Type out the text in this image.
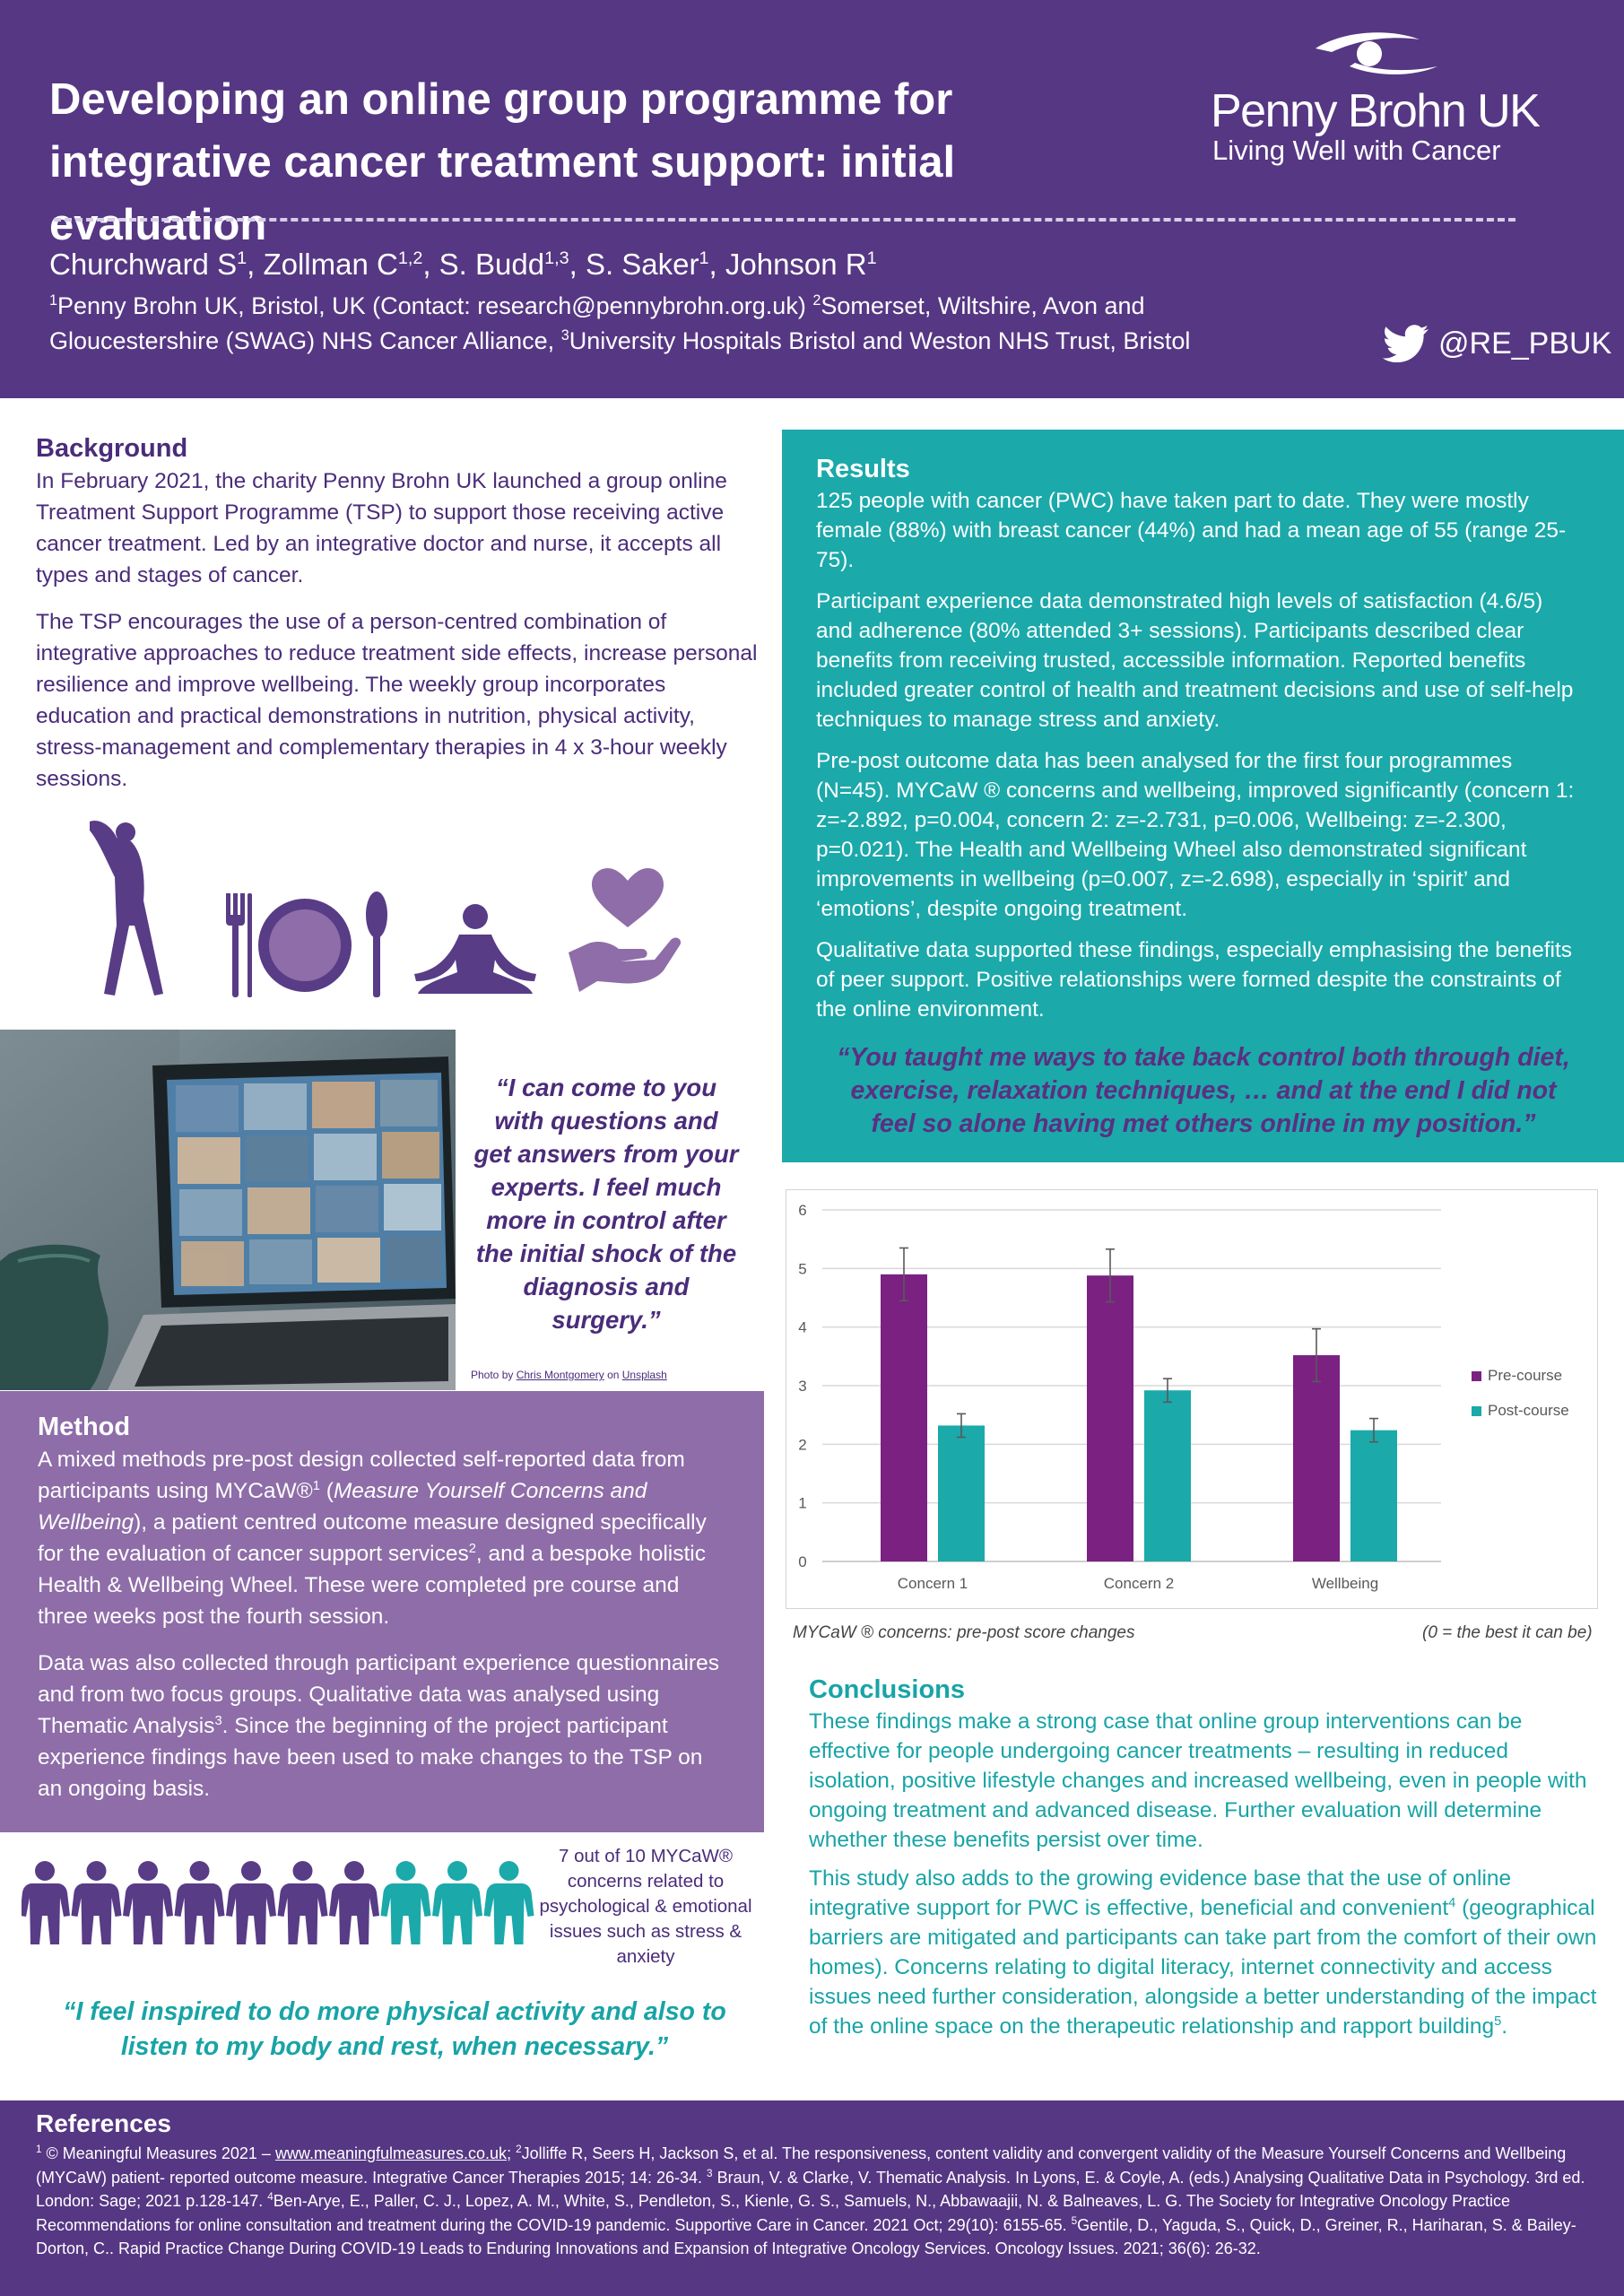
Developing an online group programme for integrative cancer treatment support: initial evaluation
Penny Brohn UK
Living Well with Cancer
Churchward $S^1$, Zollman C$^{1,2}$, S. Budd$^{1,3}$, S. Saker$^1$, Johnson $R^1$
$^1$Penny Brohn UK, Bristol, UK (Contact: research@pennybrohn.org.uk) $^2$Somerset, Wiltshire, Avon and Gloucestershire (SWAG) NHS Cancer Alliance, $^3$University Hospitals Bristol and Weston NHS Trust, Bristol	@RE_PBUK
Background

In February 2021, the charity Penny Brohn UK launched a group online Treatment Support Programme (TSP) to support those receiving active cancer treatment. Led by an integrative doctor and nurse, it accepts all types and stages of cancer.

The TSP encourages the use of a person-centred combination of integrative approaches to reduce treatment side effects, increase personal resilience and improve wellbeing. The weekly group incorporates education and practical demonstrations in nutrition, physical activity, stress-management and complementary therapies in 4 x 3-hour weekly sessions.

“I can come to you with questions and get answers from your experts. I feel much more in control after the initial shock of the diagnosis and surgery.”
Photo by Chris Montgomery on Unsplash
Method

A mixed methods pre-post design collected self-reported data from participants using MYCaW®$^1$ (Measure Yourself Concerns and Wellbeing), a patient centred outcome measure designed specifically for the evaluation of cancer support services$^2$, and a bespoke holistic Health & Wellbeing Wheel. These were completed pre course and three weeks post the fourth session.

Data was also collected through participant experience questionnaires and from two focus groups. Qualitative data was analysed using Thematic Analysis$^3$. Since the beginning of the project participant experience findings have been used to make changes to the TSP on an ongoing basis.

7 out of 10 MYCaW® concerns related to psychological & emotional issues such as stress & anxiety
“I feel inspired to do more physical activity and also to listen to my body and rest, when necessary.”
Results

125 people with cancer (PWC) have taken part to date. They were mostly female (88%) with breast cancer (44%) and had a mean age of 55 (range 25-75).

Participant experience data demonstrated high levels of satisfaction (4.6/5) and adherence (80% attended 3+ sessions). Participants described clear benefits from receiving trusted, accessible information. Reported benefits included greater control of health and treatment decisions and use of self-help techniques to manage stress and anxiety.

Pre-post outcome data has been analysed for the first four programmes (N=45). MYCaW ® concerns and wellbeing, improved significantly (concern 1: z=-2.892, p=0.004, concern 2: z=-2.731, p=0.006, Wellbeing: z=-2.300, p=0.021). The Health and Wellbeing Wheel also demonstrated significant improvements in wellbeing (p=0.007, z=-2.698), especially in ‘spirit’ and ‘emotions’, despite ongoing treatment.

Qualitative data supported these findings, especially emphasising the benefits of peer support. Positive relationships were formed despite the constraints of the online environment.

“You taught me ways to take back control both through diet, exercise, relaxation techniques, … and at the end I did not feel so alone having met others online in my position.”
0
1
2
3
4
5
6
Concern 1	Concern 2	Wellbeing
Pre-course
Post-course
MYCaW ® concerns: pre-post score changes	(0 = the best it can be)
Conclusions

These findings make a strong case that online group interventions can be effective for people undergoing cancer treatments – resulting in reduced isolation, positive lifestyle changes and increased wellbeing, even in people with ongoing treatment and advanced disease. Further evaluation will determine whether these benefits persist over time.

This study also adds to the growing evidence base that the use of online integrative support for PWC is effective, beneficial and convenient$^4$ (geographical barriers are mitigated and participants can take part from the comfort of their own homes). Concerns relating to digital literacy, internet connectivity and access issues need further consideration, alongside a better understanding of the impact of the online space on the therapeutic relationship and rapport building$^5$.

References

$^1$ © Meaningful Measures 2021 – www.meaningfulmeasures.co.uk; $^2$Jolliffe R, Seers H, Jackson S, et al. The responsiveness, content validity and convergent validity of the Measure Yourself Concerns and Wellbeing (MYCaW) patient- reported outcome measure. Integrative Cancer Therapies 2015; 14: 26-34. $^3$ Braun, V. & Clarke, V. Thematic Analysis. In Lyons, E. & Coyle, A. (eds.) Analysing Qualitative Data in Psychology. 3rd ed. London: Sage; 2021 p.128-147. $^4$Ben-Arye, E., Paller, C. J., Lopez, A. M., White, S., Pendleton, S., Kienle, G. S., Samuels, N., Abbawaajii, N. & Balneaves, L. G. The Society for Integrative Oncology Practice Recommendations for online consultation and treatment during the COVID-19 pandemic. Supportive Care in Cancer. 2021 Oct; 29(10): 6155-65. $^5$Gentile, D., Yaguda, S., Quick, D., Greiner, R., Hariharan, S. & Bailey-Dorton, C.. Rapid Practice Change During COVID-19 Leads to Enduring Innovations and Expansion of Integrative Oncology Services. Oncology Issues. 2021; 36(6): 26-32.
